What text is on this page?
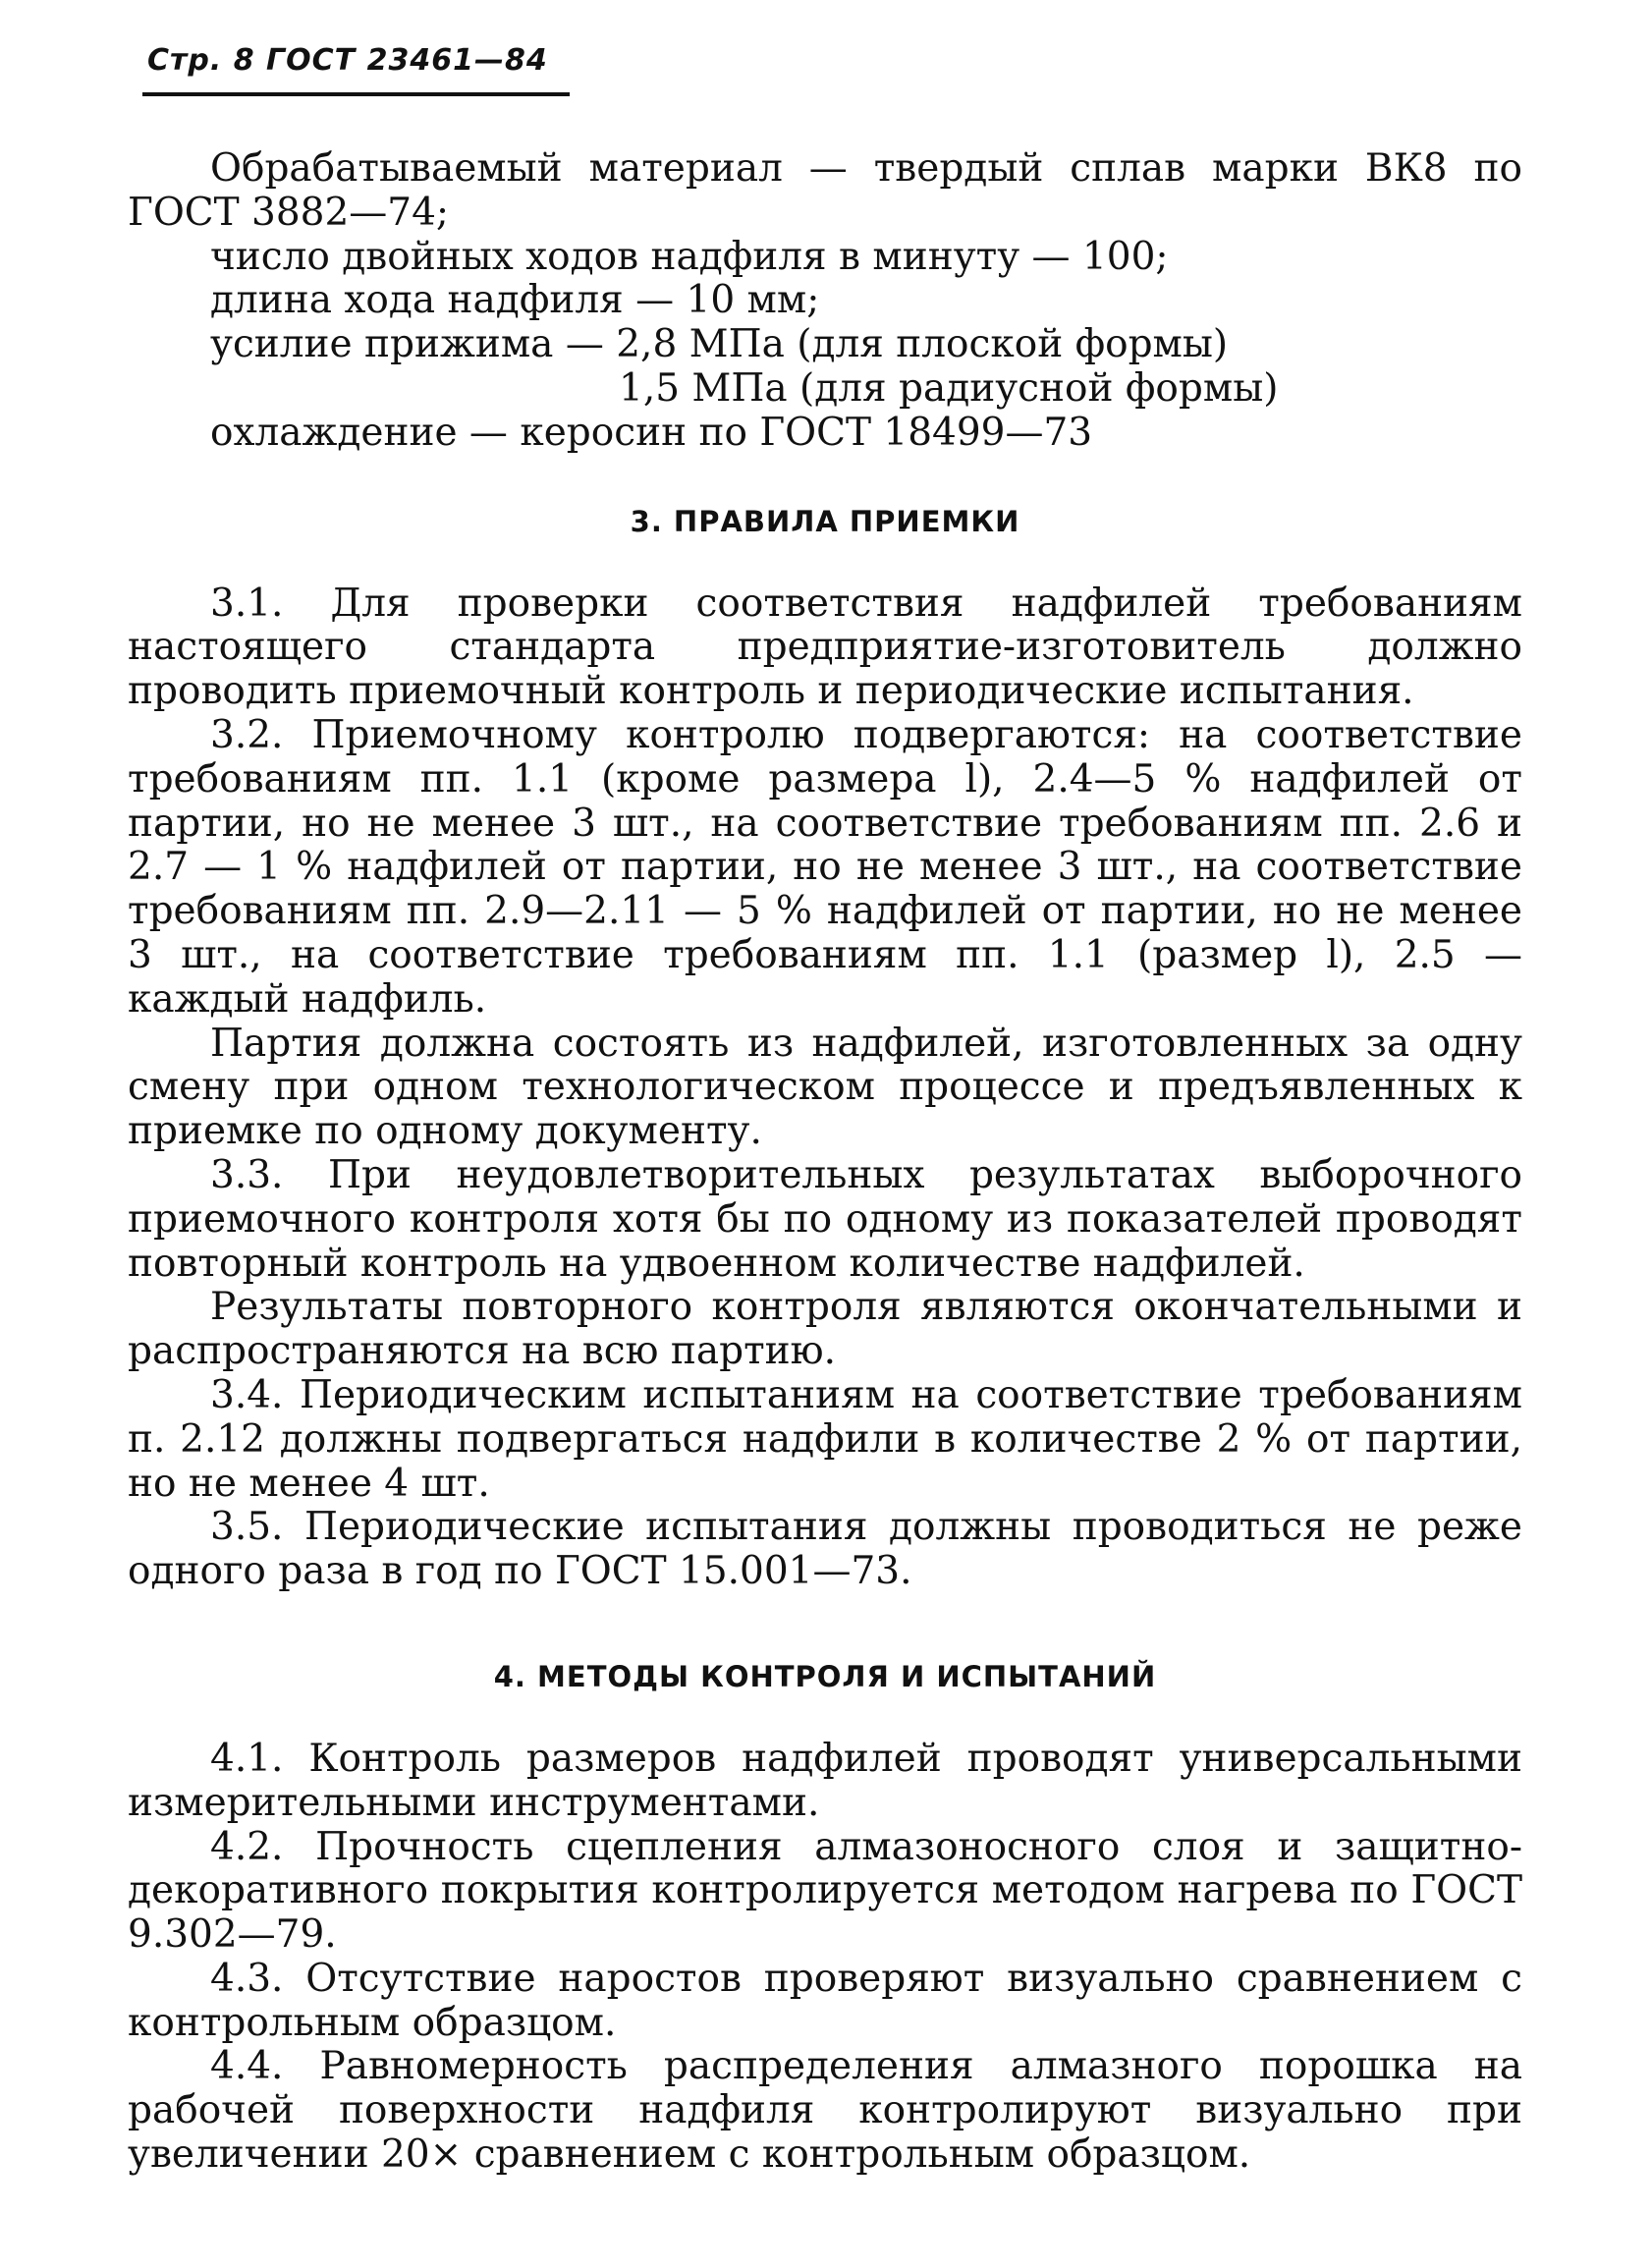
Стр. 8 ГОСТ 23461—84

Обрабатываемый материал — твердый сплав марки ВК8 по ГОСТ 3882—74;

число двойных ходов надфиля в минуту — 100;

длина хода надфиля — 10 мм;

усилие прижима — 2,8 МПа (для плоской формы)

1,5 МПа (для радиусной формы)

охлаждение — керосин по ГОСТ 18499—73

3. ПРАВИЛА ПРИЕМКИ

3.1. Для проверки соответствия надфилей требованиям настоящего стандарта предприятие-изготовитель должно проводить приемочный контроль и периодические испытания.

3.2. Приемочному контролю подвергаются: на соответствие требованиям пп. 1.1 (кроме размера l), 2.4—5 % надфилей от партии, но не менее 3 шт., на соответствие требованиям пп. 2.6 и 2.7 — 1 % надфилей от партии, но не менее 3 шт., на соответствие требованиям пп. 2.9—2.11 — 5 % надфилей от партии, но не менее 3 шт., на соответствие требованиям пп. 1.1 (размер l), 2.5 — каждый надфиль.

Партия должна состоять из надфилей, изготовленных за одну смену при одном технологическом процессе и предъявленных к приемке по одному документу.

3.3. При неудовлетворительных результатах выборочного приемочного контроля хотя бы по одному из показателей проводят повторный контроль на удвоенном количестве надфилей.

Результаты повторного контроля являются окончательными и распространяются на всю партию.

3.4. Периодическим испытаниям на соответствие требованиям п. 2.12 должны подвергаться надфили в количестве 2 % от партии, но не менее 4 шт.

3.5. Периодические испытания должны проводиться не реже одного раза в год по ГОСТ 15.001—73.

4. МЕТОДЫ КОНТРОЛЯ И ИСПЫТАНИЙ

4.1. Контроль размеров надфилей проводят универсальными измерительными инструментами.

4.2. Прочность сцепления алмазоносного слоя и защитно-декоративного покрытия контролируется методом нагрева по ГОСТ 9.302—79.

4.3. Отсутствие наростов проверяют визуально сравнением с контрольным образцом.

4.4. Равномерность распределения алмазного порошка на рабочей поверхности надфиля контролируют визуально при увеличении 20× сравнением с контрольным образцом.
